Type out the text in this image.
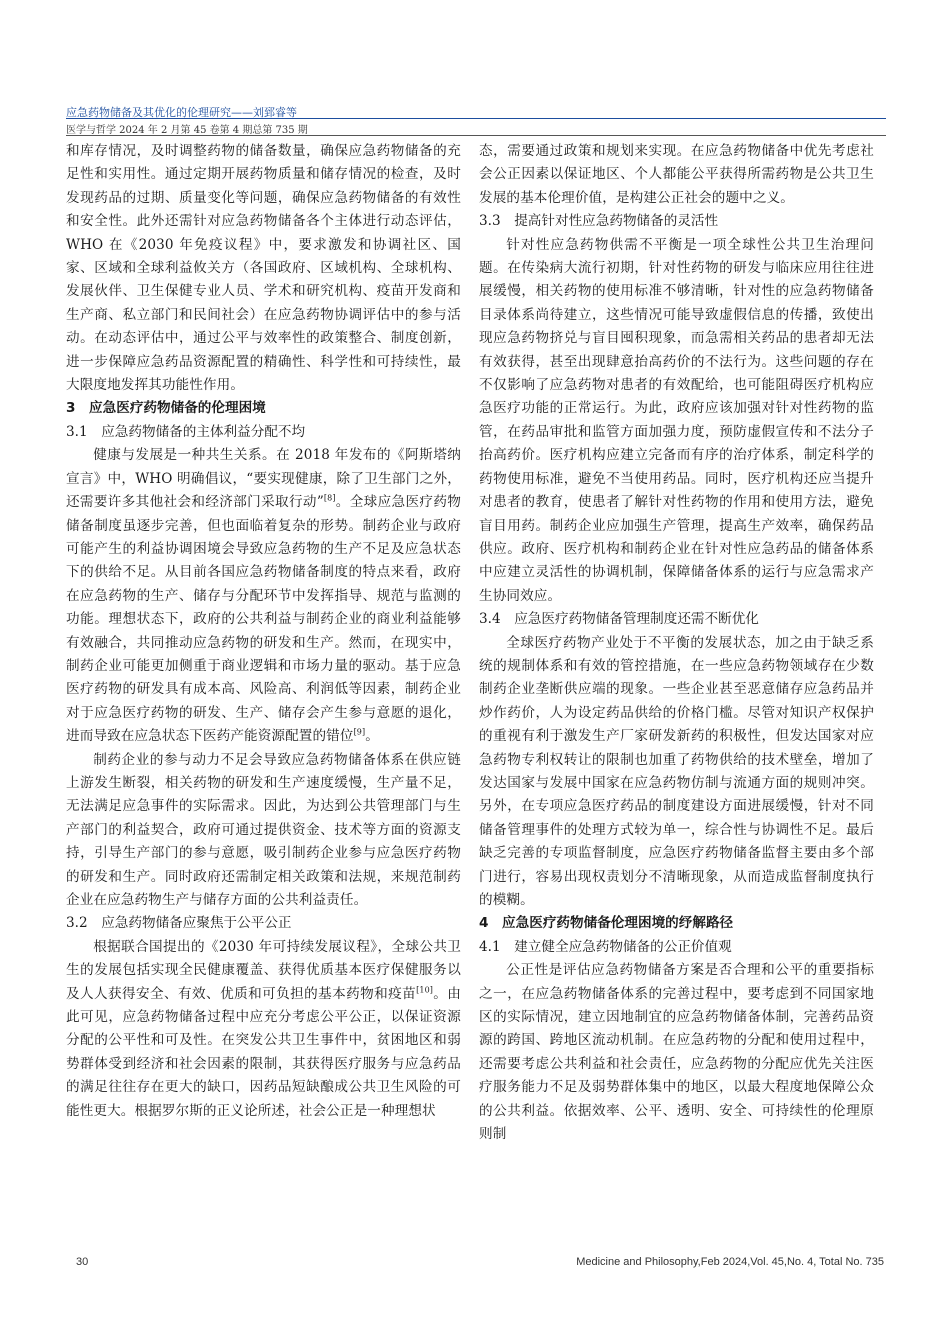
应急药物储备及其优化的伦理研究——刘郅睿等
医学与哲学 2024 年 2 月第 45 卷第 4 期总第 735 期

和库存情况，及时调整药物的储备数量，确保应急药物储备的充足性和实用性。通过定期开展药物质量和储存情况的检查，及时发现药品的过期、质量变化等问题，确保应急药物储备的有效性和安全性。此外还需针对应急药物储备各个主体进行动态评估，WHO 在《2030 年免疫议程》中，要求激发和协调社区、国家、区域和全球利益攸关方（各国政府、区域机构、全球机构、发展伙伴、卫生保健专业人员、学术和研究机构、疫苗开发商和生产商、私立部门和民间社会）在应急药物协调评估中的参与活动。在动态评估中，通过公平与效率性的政策整合、制度创新，进一步保障应急药品资源配置的精确性、科学性和可持续性，最大限度地发挥其功能性作用。

3　应急医疗药物储备的伦理困境

3.1　应急药物储备的主体利益分配不均

健康与发展是一种共生关系。在 2018 年发布的《阿斯塔纳宣言》中，WHO 明确倡议，“要实现健康，除了卫生部门之外，还需要许多其他社会和经济部门采取行动”[8]。全球应急医疗药物储备制度虽逐步完善，但也面临着复杂的形势。制药企业与政府可能产生的利益协调困境会导致应急药物的生产不足及应急状态下的供给不足。从目前各国应急药物储备制度的特点来看，政府在应急药物的生产、储存与分配环节中发挥指导、规范与监测的功能。理想状态下，政府的公共利益与制药企业的商业利益能够有效融合，共同推动应急药物的研发和生产。然而，在现实中，制药企业可能更加侧重于商业逻辑和市场力量的驱动。基于应急医疗药物的研发具有成本高、风险高、利润低等因素，制药企业对于应急医疗药物的研发、生产、储存会产生参与意愿的退化，进而导致在应急状态下医药产能资源配置的错位[9]。

制药企业的参与动力不足会导致应急药物储备体系在供应链上游发生断裂，相关药物的研发和生产速度缓慢，生产量不足，无法满足应急事件的实际需求。因此，为达到公共管理部门与生产部门的利益契合，政府可通过提供资金、技术等方面的资源支持，引导生产部门的参与意愿，吸引制药企业参与应急医疗药物的研发和生产。同时政府还需制定相关政策和法规，来规范制药企业在应急药物生产与储存方面的公共利益责任。

3.2　应急药物储备应聚焦于公平公正

根据联合国提出的《2030 年可持续发展议程》，全球公共卫生的发展包括实现全民健康覆盖、获得优质基本医疗保健服务以及人人获得安全、有效、优质和可负担的基本药物和疫苗[10]。由此可见，应急药物储备过程中应充分考虑公平公正，以保证资源分配的公平性和可及性。在突发公共卫生事件中，贫困地区和弱势群体受到经济和社会因素的限制，其获得医疗服务与应急药品的满足往往存在更大的缺口，因药品短缺酿成公共卫生风险的可能性更大。根据罗尔斯的正义论所述，社会公正是一种理想状

态，需要通过政策和规划来实现。在应急药物储备中优先考虑社会公正因素以保证地区、个人都能公平获得所需药物是公共卫生发展的基本伦理价值，是构建公正社会的题中之义。

3.3　提高针对性应急药物储备的灵活性

针对性应急药物供需不平衡是一项全球性公共卫生治理问题。在传染病大流行初期，针对性药物的研发与临床应用往往进展缓慢，相关药物的使用标准不够清晰，针对性的应急药物储备目录体系尚待建立，这些情况可能导致虚假信息的传播，致使出现应急药物挤兑与盲目囤积现象，而急需相关药品的患者却无法有效获得，甚至出现肆意抬高药价的不法行为。这些问题的存在不仅影响了应急药物对患者的有效配给，也可能阻碍医疗机构应急医疗功能的正常运行。为此，政府应该加强对针对性药物的监管，在药品审批和监管方面加强力度，预防虚假宣传和不法分子抬高药价。医疗机构应建立完备而有序的治疗体系，制定科学的药物使用标准，避免不当使用药品。同时，医疗机构还应当提升对患者的教育，使患者了解针对性药物的作用和使用方法，避免盲目用药。制药企业应加强生产管理，提高生产效率，确保药品供应。政府、医疗机构和制药企业在针对性应急药品的储备体系中应建立灵活性的协调机制，保障储备体系的运行与应急需求产生协同效应。

3.4　应急医疗药物储备管理制度还需不断优化

全球医疗药物产业处于不平衡的发展状态，加之由于缺乏系统的规制体系和有效的管控措施，在一些应急药物领域存在少数制药企业垄断供应端的现象。一些企业甚至恶意储存应急药品并炒作药价，人为设定药品供给的价格门槛。尽管对知识产权保护的重视有利于激发生产厂家研发新药的积极性，但发达国家对应急药物专利权转让的限制也加重了药物供给的技术壁垒，增加了发达国家与发展中国家在应急药物仿制与流通方面的规则冲突。另外，在专项应急医疗药品的制度建设方面进展缓慢，针对不同储备管理事件的处理方式较为单一，综合性与协调性不足。最后缺乏完善的专项监督制度，应急医疗药物储备监督主要由多个部门进行，容易出现权责划分不清晰现象，从而造成监督制度执行的模糊。

4　应急医疗药物储备伦理困境的纾解路径

4.1　建立健全应急药物储备的公正价值观

公正性是评估应急药物储备方案是否合理和公平的重要指标之一，在应急药物储备体系的完善过程中，要考虑到不同国家地区的实际情况，建立因地制宜的应急药物储备体制，完善药品资源的跨国、跨地区流动机制。在应急药物的分配和使用过程中，还需要考虑公共利益和社会责任，应急药物的分配应优先关注医疗服务能力不足及弱势群体集中的地区，以最大程度地保障公众的公共利益。依据效率、公平、透明、安全、可持续性的伦理原则制

30	Medicine and Philosophy,Feb 2024,Vol. 45,No. 4, Total No. 735
